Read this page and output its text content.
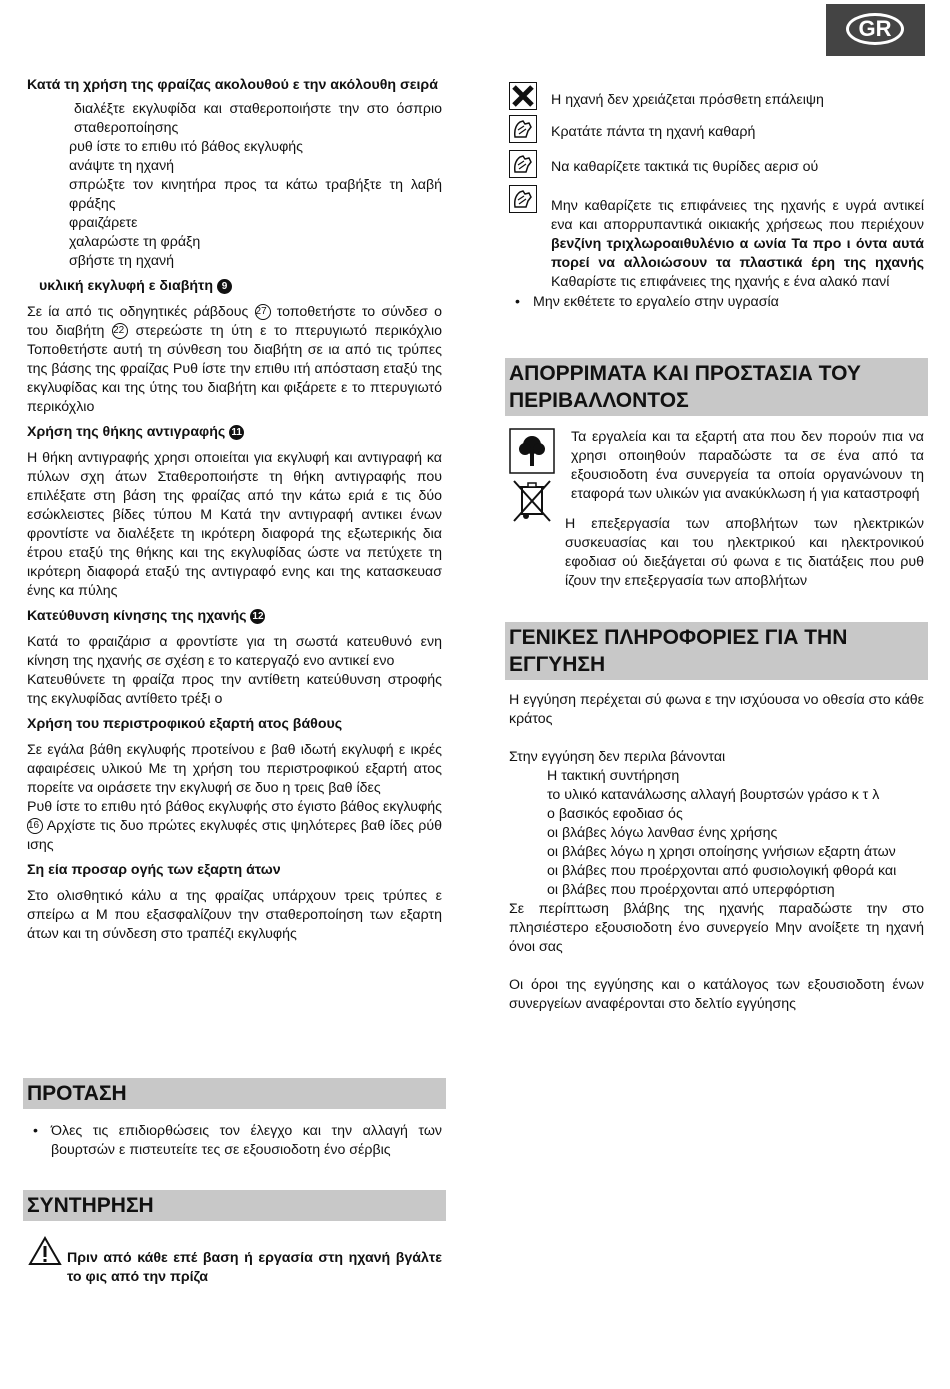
GR

Κατά τη χρήση της φραίζας ακολουθού ε την ακόλουθη σειρά

διαλέξτε εκγλυφίδα και σταθεροποιήστε την στο όσπριο σταθεροποίησης

ρυθ ίστε το επιθυ ιτό βάθος εκγλυφής

ανάψτε τη ηχανή

σπρώξτε τον κινητήρα προς τα κάτω τραβήξτε τη λαβή φράξης

φραιζάρετε

χαλαρώστε τη φράξη

σβήστε τη ηχανή

υκλική εκγλυφή ε διαβήτη 9

Σε ία από τις οδηγητικές ράβδους 27 τοποθετήστε το σύνδεσ ο του διαβήτη 22 στερεώστε τη ύτη ε το πτερυγιωτό περικόχλιο Τοποθετήστε αυτή τη σύνθεση του διαβήτη σε ια από τις τρύπες της βάσης της φραίζας Ρυθ ίστε την επιθυ ιτή απόσταση εταξύ της εκγλυφίδας και της ύτης του διαβήτη και φιξάρετε ε το πτερυγιωτό περικόχλιο

Χρήση της θήκης αντιγραφής 11

Η θήκη αντιγραφής χρησι οποιείται για εκγλυφή και αντιγραφή κα πύλων σχη άτων Σταθεροποιήστε τη θήκη αντιγραφής που επιλέξατε στη βάση της φραίζας από την κάτω εριά ε τις δύο εσώκλειστες βίδες τύπου Μ Κατά την αντιγραφή αντικει ένων φροντίστε να διαλέξετε τη ικρότερη διαφορά της εξωτερικής δια έτρου εταξύ της θήκης και της εκγλυφίδας ώστε να πετύχετε τη ικρότερη διαφορά εταξύ της αντιγραφό ενης και της κατασκευασ ένης κα πύλης

Κατεύθυνση κίνησης της ηχανής 12

Κατά το φραιζάρισ α φροντίστε για τη σωστά κατευθυνό ενη κίνηση της ηχανής σε σχέση ε το κατεργαζό ενο αντικεί ενο

Κατευθύνετε τη φραίζα προς την αντίθετη κατεύθυνση στροφής της εκγλυφίδας αντίθετο τρέξι ο

Χρήση του περιστροφικού εξαρτή ατος βάθους

Σε εγάλα βάθη εκγλυφής προτείνου ε βαθ ιδωτή εκγλυφή ε ικρές αφαιρέσεις υλικού Με τη χρήση του περιστροφικού εξαρτή ατος πορείτε να οιράσετε την εκγλυφή σε δυο η τρεις βαθ ίδες

Ρυθ ίστε το επιθυ ητό βάθος εκγλυφής στο έγιστο βάθος εκγλυφής 16 Αρχίστε τις δυο πρώτες εκγλυφές στις ψηλότερες βαθ ίδες ρύθ ισης

Ση εία προσαρ ογής των εξαρτη άτων

Στο ολισθητικό κάλυ α της φραίζας υπάρχουν τρεις τρύπες ε σπείρω α Μ που εξασφαλίζουν την σταθεροποίηση των εξαρτη άτων και τη σύνδεση στο τραπέζι εκγλυφής

ΠΡΟΤΑΣΗ

• Όλες τις επιδιορθώσεις τον έλεγχο και την αλλαγή των βουρτσών ε πιστευτείτε τες σε εξουσιοδοτη ένο σέρβις

ΣΥΝΤΗΡΗΣΗ

Πριν από κάθε επέ βαση ή εργασία στη ηχανή βγάλτε το φις από την πρίζα

Η ηχανή δεν χρειάζεται πρόσθετη επάλειψη

Κρατάτε πάντα τη ηχανή καθαρή

Να καθαρίζετε τακτικά τις θυρίδες αερισ ού

Μην καθαρίζετε τις επιφάνειες της ηχανής ε υγρά αντικεί ενα και απορρυπαντικά οικιακής χρήσεως που περιέχουν βενζίνη τριχλωροαιθυλένιο α ωνία Τα προ ι όντα αυτά πορεί να αλλοιώσουν τα πλαστικά έρη της ηχανής Καθαρίστε τις επιφάνειες της ηχανής ε ένα αλακό πανί

• Μην εκθέτετε το εργαλείο στην υγρασία

ΑΠΟΡΡΙΜΑΤΑ ΚΑΙ ΠΡΟΣΤΑΣΙΑ ΤΟΥ
ΠΕΡΙΒΑΛΛΟΝΤΟΣ

Τα εργαλεία και τα εξαρτή ατα που δεν πορούν πια να χρησι οποιηθούν παραδώστε τα σε ένα από τα εξουσιοδοτη ένα συνεργεία τα οποία οργανώνουν τη εταφορά των υλικών για ανακύκλωση ή για καταστροφή

Η επεξεργασία των αποβλήτων των ηλεκτρικών συσκευασίας και του ηλεκτρικού και ηλεκτρονικού εφοδιασ ού διεξάγεται σύ φωνα ε τις διατάξεις που ρυθ ίζουν την επεξεργασία των αποβλήτων

ΓΕΝΙΚΕΣ ΠΛΗΡΟΦΟΡΙΕΣ ΓΙΑ ΤΗΝ
ΕΓΓΥΗΣΗ

Η εγγύηση περέχεται σύ φωνα ε την ισχύουσα νο οθεσία στο κάθε κράτος

Στην εγγύηση δεν περιλα βάνονται

Η τακτική συντήρηση

το υλικό κατανάλωσης αλλαγή βουρτσών γράσο κ τ λ

ο βασικός εφοδιασ ός

οι βλάβες λόγω λανθασ ένης χρήσης

οι βλάβες λόγω η χρησι οποίησης γνήσιων εξαρτη άτων

οι βλάβες που προέρχονται από φυσιολογική φθορά και

οι βλάβες που προέρχονται από υπερφόρτιση

Σε περίπτωση βλάβης της ηχανής παραδώστε την στο πλησιέστερο εξουσιοδοτη ένο συνεργείο Μην ανοίξετε τη ηχανή όνοι σας

Οι όροι της εγγύησης και ο κατάλογος των εξουσιοδοτη ένων συνεργείων αναφέρονται στο δελτίο εγγύησης
